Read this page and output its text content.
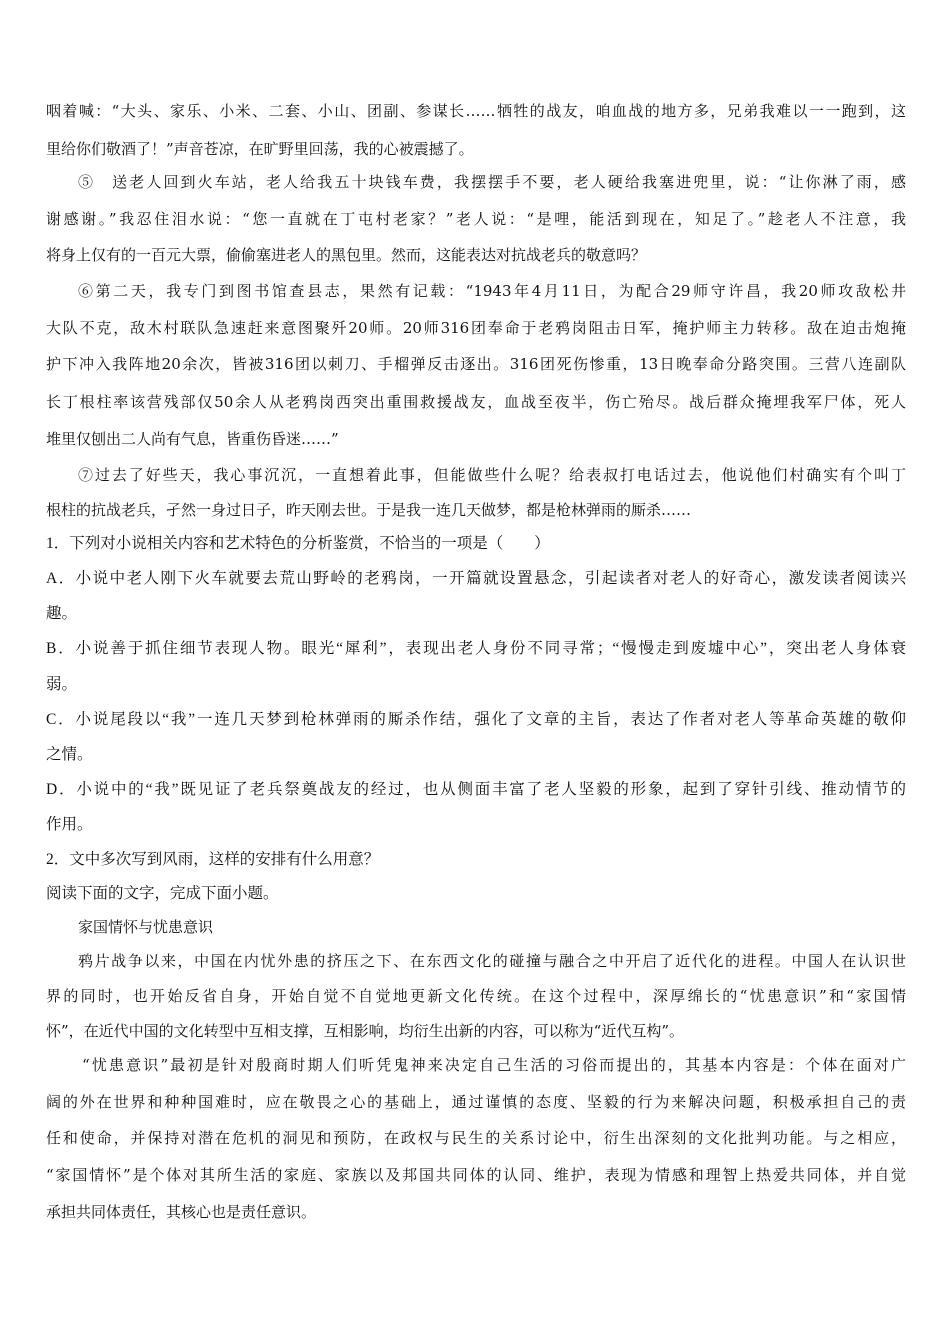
咽着喊：“大头、家乐、小米、二套、小山、团副、参谋长……牺牲的战友，咱血战的地方多，兄弟我难以一一跑到，这
里给你们敬酒了！”声音苍凉，在旷野里回荡，我的心被震撼了。
⑤　送老人回到火车站，老人给我五十块钱车费，我摆摆手不要，老人硬给我塞进兜里，说：“让你淋了雨，感
谢感谢。”我忍住泪水说：“您一直就在丁屯村老家？”老人说：“是哩，能活到现在，知足了。”趁老人不注意，我
将身上仅有的一百元大票，偷偷塞进老人的黑包里。然而，这能表达对抗战老兵的敬意吗？
⑥第二天，我专门到图书馆查县志，果然有记载：“1943年4月11日，为配合29师守许昌，我20师攻敌松井
大队不克，敌木村联队急速赶来意图聚歼20师。20师316团奉命于老鸦岗阻击日军，掩护师主力转移。敌在迫击炮掩
护下冲入我阵地20余次，皆被316团以刺刀、手榴弹反击逐出。316团死伤惨重，13日晚奉命分路突围。三营八连副队
长丁根柱率该营残部仅50余人从老鸦岗西突出重围救援战友，血战至夜半，伤亡殆尽。战后群众掩埋我军尸体，死人
堆里仅刨出二人尚有气息，皆重伤昏迷……”
⑦过去了好些天，我心事沉沉，一直想着此事，但能做些什么呢？给表叔打电话过去，他说他们村确实有个叫丁
根柱的抗战老兵，孑然一身过日子，昨天刚去世。于是我一连几天做梦，都是枪林弹雨的厮杀……
1．下列对小说相关内容和艺术特色的分析鉴赏，不恰当的一项是（　　）
A．小说中老人刚下火车就要去荒山野岭的老鸦岗，一开篇就设置悬念，引起读者对老人的好奇心，激发读者阅读兴
趣。
B．小说善于抓住细节表现人物。眼光“犀利”，表现出老人身份不同寻常；“慢慢走到废墟中心”，突出老人身体衰
弱。
C．小说尾段以“我”一连几天梦到枪林弹雨的厮杀作结，强化了文章的主旨，表达了作者对老人等革命英雄的敬仰
之情。
D．小说中的“我”既见证了老兵祭奠战友的经过，也从侧面丰富了老人坚毅的形象，起到了穿针引线、推动情节的
作用。
2．文中多次写到风雨，这样的安排有什么用意？
阅读下面的文字，完成下面小题。
家国情怀与忧患意识
鸦片战争以来，中国在内忧外患的挤压之下、在东西文化的碰撞与融合之中开启了近代化的进程。中国人在认识世
界的同时，也开始反省自身，开始自觉不自觉地更新文化传统。在这个过程中，深厚绵长的“忧患意识”和“家国情
怀”，在近代中国的文化转型中互相支撑，互相影响，均衍生出新的内容，可以称为“近代互构”。
“忧患意识”最初是针对殷商时期人们听凭鬼神来决定自己生活的习俗而提出的，其基本内容是：个体在面对广
阔的外在世界和种种国难时，应在敬畏之心的基础上，通过谨慎的态度、坚毅的行为来解决问题，积极承担自己的责
任和使命，并保持对潜在危机的洞见和预防，在政权与民生的关系讨论中，衍生出深刻的文化批判功能。与之相应，
“家国情怀”是个体对其所生活的家庭、家族以及邦国共同体的认同、维护，表现为情感和理智上热爱共同体，并自觉
承担共同体责任，其核心也是责任意识。
